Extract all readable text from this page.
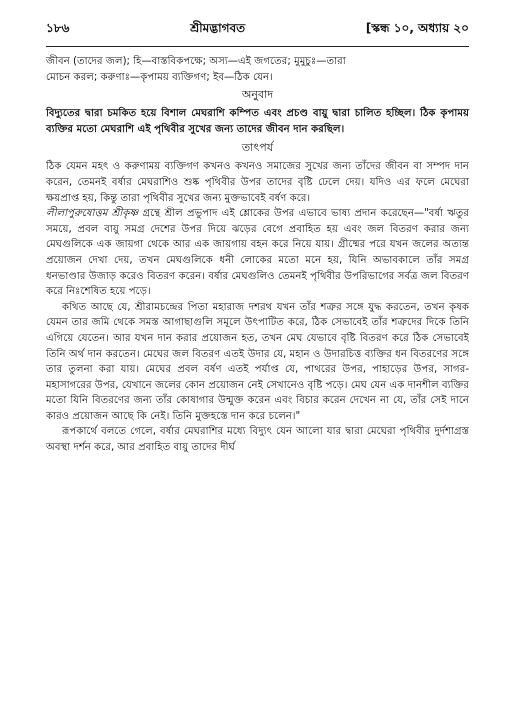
১৮৬	শ্রীমদ্ভাগবত	[স্কন্ধ ১০, অধ্যায় ২০

জীবন (তাদের জল); হি—বাস্তবিকপক্ষে; অস্য—এই জগতের; মুমুচুঃ—তারা

মোচন করল; করুণাঃ—কৃপাময় ব্যক্তিগণ; ইব—ঠিক যেন।

অনুবাদ
বিদ্যুতের দ্বারা চমকিত হয়ে বিশাল মেঘরাশি কম্পিত এবং প্রচণ্ড বায়ু দ্বারা চালিত হচ্ছিল। ঠিক কৃপাময় ব্যক্তির মতো মেঘরাশি এই পৃথিবীর সুখের জন্য তাদের জীবন দান করছিল।
তাৎপর্য

ঠিক যেমন মহৎ ও করুণাময় ব্যক্তিগণ কখনও কখনও সমাজের সুখের জন্য তাঁদের জীবন বা সম্পদ দান করেন, তেমনই বর্ষার মেঘরাশিও শুষ্ক পৃথিবীর উপর তাদের বৃষ্টি ঢেলে দেয়। যদিও এর ফলে মেঘেরা ক্ষয়প্রাপ্ত হয়, কিন্তু তারা পৃথিবীর সুখের জন্য মুক্তভাবেই বর্ষণ করে।

লীলাপুরুষোত্তম শ্রীকৃষ্ণ গ্রন্থে শ্রীল প্রভুপাদ এই শ্লোকের উপর এভাবে ভাষ্য প্রদান করেছেন—"বর্ষা ঋতুর সময়ে, প্রবল বায়ু সমগ্র দেশের উপর দিয়ে ঝড়ের বেগে প্রবাহিত হয় এবং জল বিতরণ করার জন্য মেঘগুলিকে এক জায়গা থেকে আর এক জায়গায় বহন করে নিয়ে যায়। গ্রীষ্মের পরে যখন জলের অত্যন্ত প্রয়োজন দেখা দেয়, তখন মেঘগুলিকে ধনী লোকের মতো মনে হয়, যিনি অভাবকালে তাঁর সমগ্র ধনভাণ্ডার উজাড় করেও বিতরণ করেন। বর্ষার মেঘগুলিও তেমনই পৃথিবীর উপরিভাগের সর্বত্র জল বিতরণ করে নিঃশেষিত হয়ে পড়ে।

কথিত আছে যে, শ্রীরামচন্দ্রের পিতা মহারাজ দশরথ যখন তাঁর শত্রুর সঙ্গে যুদ্ধ করতেন, তখন কৃষক যেমন তার জমি থেকে সমস্ত আগাছাগুলি সমূলে উৎপাটিত করে, ঠিক সেভাবেই তাঁর শত্রুদের দিকে তিনি এগিয়ে যেতেন। আর যখন দান করার প্রয়োজন হত, তখন মেঘ যেভাবে বৃষ্টি বিতরণ করে ঠিক সেভাবেই তিনি অর্থ দান করতেন। মেঘের জল বিতরণ এতই উদার যে, মহান ও উদারচিত্ত ব্যক্তির ধন বিতরণের সঙ্গে তার তুলনা করা যায়। মেঘের প্রবল বর্ষণ এতই পর্যাপ্ত যে, পাথরের উপর, পাহাড়ের উপর, সাগর-মহাসাগরের উপর, যেখানে জলের কোন প্রয়োজন নেই সেখানেও বৃষ্টি পড়ে। মেঘ যেন এক দানশীল ব্যক্তির মতো যিনি বিতরণের জন্য তাঁর কোষাগার উন্মুক্ত করেন এবং বিচার করেন দেখেন না যে, তাঁর সেই দানে কারও প্রয়োজন আছে কি নেই। তিনি মুক্তহস্তে দান করে চলেন।"

রূপকার্থে বলতে গেলে, বর্ষার মেঘরাশির মধ্যে বিদ্যুৎ যেন আলো যার দ্বারা মেঘেরা পৃথিবীর দুর্দশাগ্রস্ত অবস্থা দর্শন করে, আর প্রবাহিত বায়ু তাদের দীর্ঘ
